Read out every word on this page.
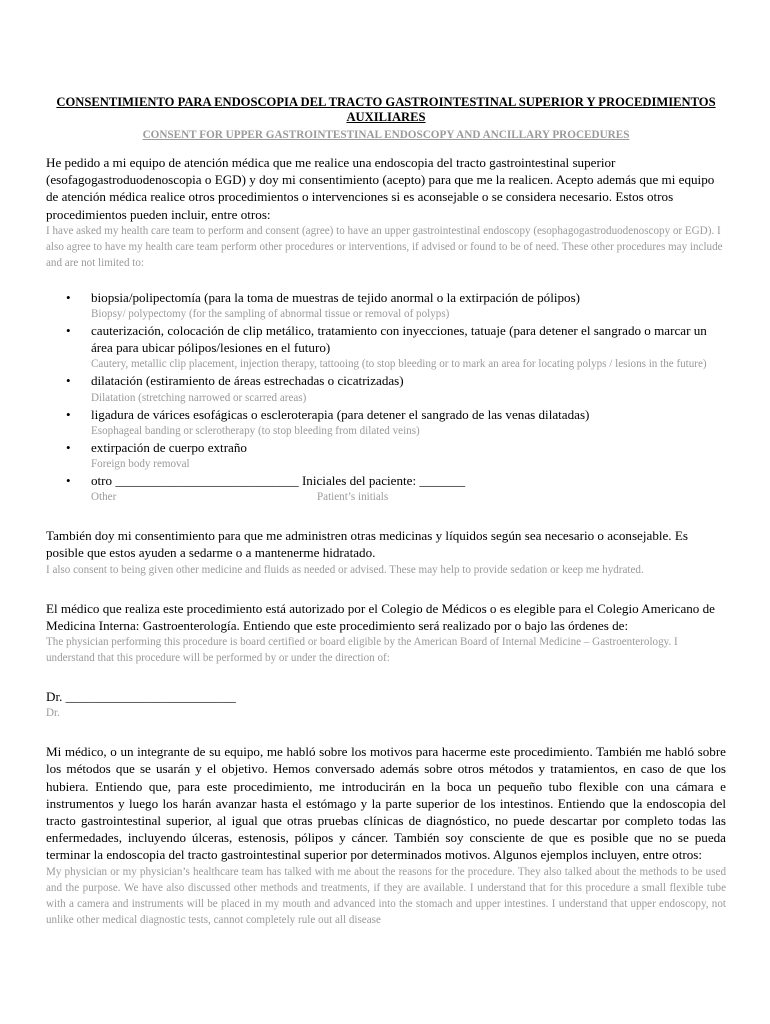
CONSENTIMIENTO PARA ENDOSCOPIA DEL TRACTO GASTROINTESTINAL SUPERIOR Y PROCEDIMIENTOS AUXILIARES

CONSENT FOR UPPER GASTROINTESTINAL ENDOSCOPY AND ANCILLARY PROCEDURES

He pedido a mi equipo de atención médica que me realice una endoscopia del tracto gastrointestinal superior (esofagogastroduodenoscopia o EGD) y doy mi consentimiento (acepto) para que me la realicen. Acepto además que mi equipo de atención médica realice otros procedimientos o intervenciones si es aconsejable o se considera necesario. Estos otros procedimientos pueden incluir, entre otros:

I have asked my health care team to perform and consent (agree) to have an upper gastrointestinal endoscopy (esophagogastroduodenoscopy or EGD). I also agree to have my health care team perform other procedures or interventions, if advised or found to be of need. These other procedures may include and are not limited to:

• biopsia/polipectomía (para la toma de muestras de tejido anormal o la extirpación de pólipos)

Biopsy/ polypectomy (for the sampling of abnormal tissue or removal of polyps)

• cauterización, colocación de clip metálico, tratamiento con inyecciones, tatuaje (para detener el sangrado o marcar un área para ubicar pólipos/lesiones en el futuro)

Cautery, metallic clip placement, injection therapy, tattooing (to stop bleeding or to mark an area for locating polyps / lesions in the future)

• dilatación (estiramiento de áreas estrechadas o cicatrizadas)

Dilatation (stretching narrowed or scarred areas)

• ligadura de várices esofágicas o escleroterapia (para detener el sangrado de las venas dilatadas)

Esophageal banding or sclerotherapy (to stop bleeding from dilated veins)

• extirpación de cuerpo extraño

Foreign body removal

• otro ____________________________ Iniciales del paciente: _______

Other	Patient’s initials

También doy mi consentimiento para que me administren otras medicinas y líquidos según sea necesario o aconsejable. Es posible que estos ayuden a sedarme o a mantenerme hidratado.

I also consent to being given other medicine and fluids as needed or advised. These may help to provide sedation or keep me hydrated.

El médico que realiza este procedimiento está autorizado por el Colegio de Médicos o es elegible para el Colegio Americano de Medicina Interna: Gastroenterología. Entiendo que este procedimiento será realizado por o bajo las órdenes de:

The physician performing this procedure is board certified or board eligible by the American Board of Internal Medicine – Gastroenterology. I understand that this procedure will be performed by or under the direction of:

Dr. __________________________

Dr.

Mi médico, o un integrante de su equipo, me habló sobre los motivos para hacerme este procedimiento. También me habló sobre los métodos que se usarán y el objetivo. Hemos conversado además sobre otros métodos y tratamientos, en caso de que los hubiera. Entiendo que, para este procedimiento, me introducirán en la boca un pequeño tubo flexible con una cámara e instrumentos y luego los harán avanzar hasta el estómago y la parte superior de los intestinos. Entiendo que la endoscopia del tracto gastrointestinal superior, al igual que otras pruebas clínicas de diagnóstico, no puede descartar por completo todas las enfermedades, incluyendo úlceras, estenosis, pólipos y cáncer. También soy consciente de que es posible que no se pueda terminar la endoscopia del tracto gastrointestinal superior por determinados motivos. Algunos ejemplos incluyen, entre otros:

My physician or my physician’s healthcare team has talked with me about the reasons for the procedure. They also talked about the methods to be used and the purpose. We have also discussed other methods and treatments, if they are available. I understand that for this procedure a small flexible tube with a camera and instruments will be placed in my mouth and advanced into the stomach and upper intestines. I understand that upper endoscopy, not unlike other medical diagnostic tests, cannot completely rule out all disease
